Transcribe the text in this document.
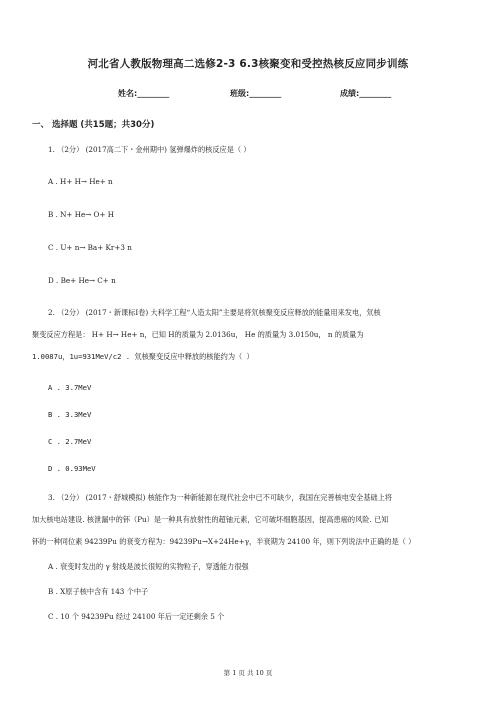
河北省人教版物理高二选修2-3 6.3核聚变和受控热核反应同步训练
姓名:________	班级:________	成绩:________
一、 选择题 (共15题；共30分)
1. （2分） (2017高二下・金州期中) 氢弹爆炸的核反应是（ ）
A . H+ H→ He+ n
B . N+ He→ O+ H
C . U+ n→ Ba+ Kr+3 n
D . Be+ He→ C+ n
2. （2分） (2017・新课标Ⅰ卷) 大科学工程“人造太阳”主要是将氘核聚变反应释放的能量用来发电，氘核
聚变反应方程是： H+ H→ He+ n，已知 H的质量为 2.0136u， He 的质量为 3.0150u， n 的质量为
1.0087u，1u=931MeV/c2 . 氘核聚变反应中释放的核能约为（ ）
A . 3.7MeV
B . 3.3MeV
C . 2.7MeV
D . 0.93MeV
3. （2分） (2017・舒城模拟) 核能作为一种新能源在现代社会中已不可缺少，我国在完善核电安全基础上将
加大核电站建设. 核泄漏中的钚（Pu）是一种具有放射性的超铀元素，它可破坏细胞基因，提高患癌的风险. 已知
钚的一种同位素 94239Pu 的衰变方程为：94239Pu→X+24He+γ，半衰期为 24100 年，则下列说法中正确的是（ ）
A . 衰变时发出的 γ 射线是波长很短的实物粒子，穿透能力很强
B . X原子核中含有 143 个中子
C . 10 个 94239Pu 经过 24100 年后一定还剩余 5 个
第 1 页 共 10 页
